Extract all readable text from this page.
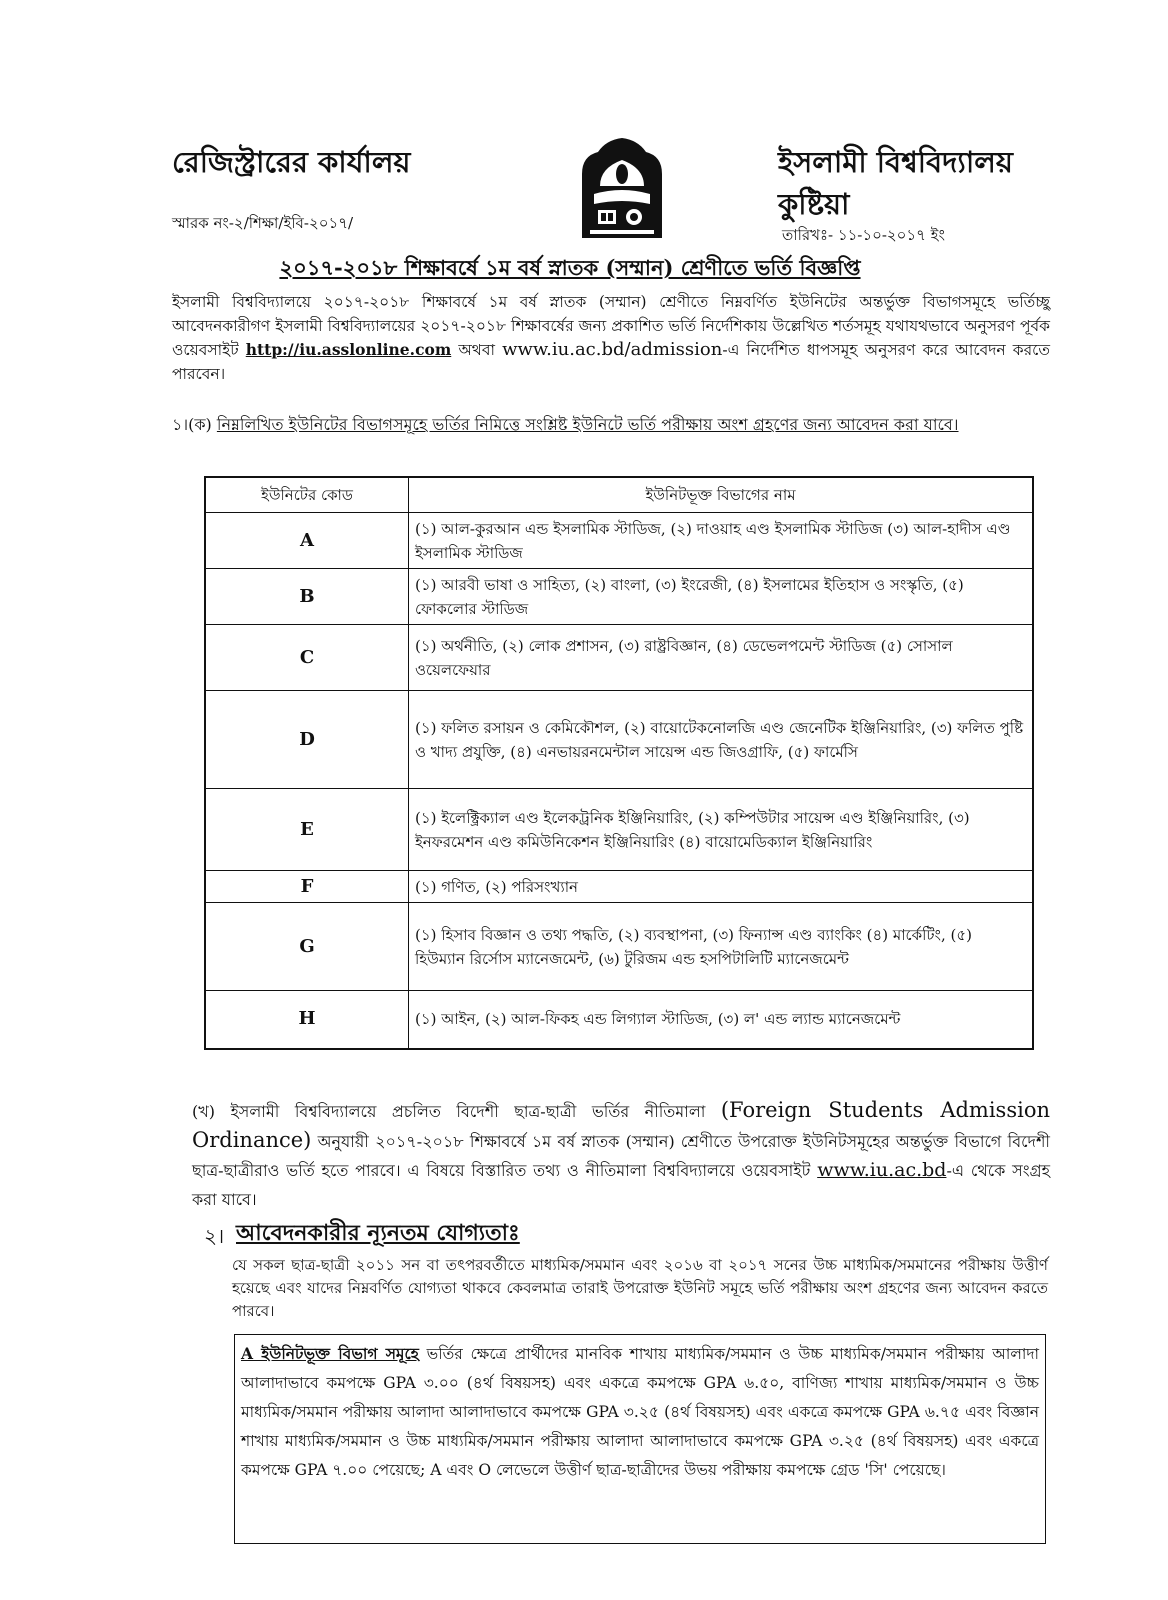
রেজিস্ট্রারের কার্যালয়
স্মারক নং-২/শিক্ষা/ইবি-২০১৭/
ইসলামী বিশ্ববিদ্যালয়
কুষ্টিয়া
তারিখঃ- ১১-১০-২০১৭ ইং
২০১৭-২০১৮ শিক্ষাবর্ষে ১ম বর্ষ স্নাতক (সম্মান) শ্রেণীতে ভর্তি বিজ্ঞপ্তি
ইসলামী বিশ্ববিদ্যালয়ে ২০১৭-২০১৮ শিক্ষাবর্ষে ১ম বর্ষ স্নাতক (সম্মান) শ্রেণীতে নিম্নবর্ণিত ইউনিটের অন্তর্ভুক্ত বিভাগসমূহে ভর্তিচ্ছু আবেদনকারীগণ ইসলামী বিশ্ববিদ্যালয়ের ২০১৭-২০১৮ শিক্ষাবর্ষের জন্য প্রকাশিত ভর্তি নির্দেশিকায় উল্লেখিত শর্তসমূহ যথাযথভাবে অনুসরণ পূর্বক ওয়েবসাইট http://iu.asslonline.com অথবা www.iu.ac.bd/admission-এ নির্দেশিত ধাপসমূহ অনুসরণ করে আবেদন করতে পারবেন।
১।(ক) নিম্নলিখিত ইউনিটের বিভাগসমূহে ভর্তির নিমিত্তে সংশ্লিষ্ট ইউনিটে ভর্তি পরীক্ষায় অংশ গ্রহণের জন্য আবেদন করা যাবে।
ইউনিটের কোড	ইউনিটভূক্ত বিভাগের নাম
A	(১) আল-কুরআন এন্ড ইসলামিক স্টাডিজ, (২) দাওয়াহ এণ্ড ইসলামিক স্টাডিজ (৩) আল-হাদীস এণ্ড ইসলামিক স্টাডিজ
B	(১) আরবী ভাষা ও সাহিত্য, (২) বাংলা, (৩) ইংরেজী, (৪) ইসলামের ইতিহাস ও সংস্কৃতি, (৫) ফোকলোর স্টাডিজ
C	(১) অর্থনীতি, (২) লোক প্রশাসন, (৩) রাষ্ট্রবিজ্ঞান, (৪) ডেভেলপমেন্ট স্টাডিজ (৫) সোসাল ওয়েলফেয়ার
D	(১) ফলিত রসায়ন ও কেমিকৌশল, (২) বায়োটেকনোলজি এণ্ড জেনেটিক ইঞ্জিনিয়ারিং, (৩) ফলিত পুষ্টি ও খাদ্য প্রযুক্তি, (৪) এনভায়রনমেন্টাল সায়েন্স এন্ড জিওগ্রাফি, (৫) ফার্মেসি
E	(১) ইলেক্ট্রিক্যাল এণ্ড ইলেকট্রনিক ইঞ্জিনিয়ারিং, (২) কম্পিউটার সায়েন্স এণ্ড ইঞ্জিনিয়ারিং, (৩) ইনফরমেশন এণ্ড কমিউনিকেশন ইঞ্জিনিয়ারিং (৪) বায়োমেডিক্যাল ইঞ্জিনিয়ারিং
F	(১) গণিত, (২) পরিসংখ্যান
G	(১) হিসাব বিজ্ঞান ও তথ্য পদ্ধতি, (২) ব্যবস্থাপনা, (৩) ফিন্যান্স এণ্ড ব্যাংকিং (৪) মার্কেটিং, (৫) হিউম্যান রির্সোস ম্যানেজমেন্ট, (৬) টুরিজম এন্ড হসপিটালিটি ম্যানেজমেন্ট
H	(১) আইন, (২) আল-ফিকহ এন্ড লিগ্যাল স্টাডিজ, (৩) ল' এন্ড ল্যান্ড ম্যানেজমেন্ট
(খ) ইসলামী বিশ্ববিদ্যালয়ে প্রচলিত বিদেশী ছাত্র-ছাত্রী ভর্তির নীতিমালা (Foreign Students Admission Ordinance) অনুযায়ী ২০১৭-২০১৮ শিক্ষাবর্ষে ১ম বর্ষ স্নাতক (সম্মান) শ্রেণীতে উপরোক্ত ইউনিটসমূহের অন্তর্ভুক্ত বিভাগে বিদেশী ছাত্র-ছাত্রীরাও ভর্তি হতে পারবে। এ বিষয়ে বিস্তারিত তথ্য ও নীতিমালা বিশ্ববিদ্যালয়ে ওয়েবসাইট www.iu.ac.bd-এ থেকে সংগ্রহ করা যাবে।
২। আবেদনকারীর ন্যূনতম যোগ্যতাঃ
যে সকল ছাত্র-ছাত্রী ২০১১ সন বা তৎপরবর্তীতে মাধ্যমিক/সমমান এবং ২০১৬ বা ২০১৭ সনের উচ্চ মাধ্যমিক/সমমানের পরীক্ষায় উত্তীর্ণ হয়েছে এবং যাদের নিম্নবর্ণিত যোগ্যতা থাকবে কেবলমাত্র তারাই উপরোক্ত ইউনিট সমূহে ভর্তি পরীক্ষায় অংশ গ্রহণের জন্য আবেদন করতে পারবে।
A ইউনিটভূক্ত বিভাগ সমূহে ভর্তির ক্ষেত্রে প্রার্থীদের মানবিক শাখায় মাধ্যমিক/সমমান ও উচ্চ মাধ্যমিক/সমমান পরীক্ষায় আলাদা আলাদাভাবে কমপক্ষে GPA ৩.০০ (৪র্থ বিষয়সহ) এবং একত্রে কমপক্ষে GPA ৬.৫০, বাণিজ্য শাখায় মাধ্যমিক/সমমান ও উচ্চ মাধ্যমিক/সমমান পরীক্ষায় আলাদা আলাদাভাবে কমপক্ষে GPA ৩.২৫ (৪র্থ বিষয়সহ) এবং একত্রে কমপক্ষে GPA ৬.৭৫ এবং বিজ্ঞান শাখায় মাধ্যমিক/সমমান ও উচ্চ মাধ্যমিক/সমমান পরীক্ষায় আলাদা আলাদাভাবে কমপক্ষে GPA ৩.২৫ (৪র্থ বিষয়সহ) এবং একত্রে কমপক্ষে GPA ৭.০০ পেয়েছে; A এবং O লেভেলে উত্তীর্ণ ছাত্র-ছাত্রীদের উভয় পরীক্ষায় কমপক্ষে গ্রেড 'সি' পেয়েছে।
